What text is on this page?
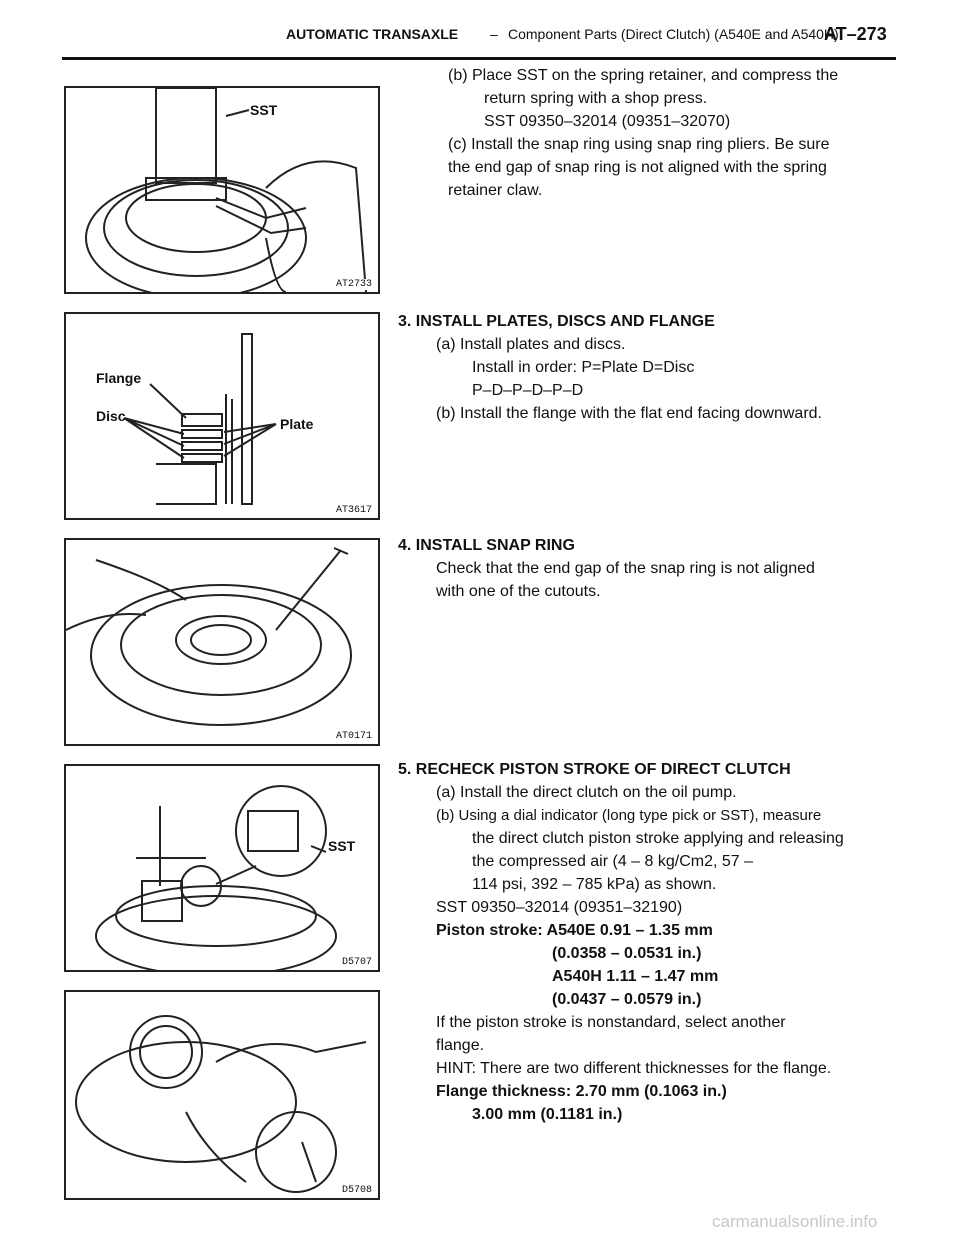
AUTOMATIC TRANSAXLE – Component Parts (Direct Clutch) (A540E and A540H)
AT–273
SST
AT2733
Flange
Disc	Plate
AT3617
AT0171
SST
D5707
D5708
(b) Place SST on the spring retainer, and compress the
return spring with a shop press.
SST 09350–32014 (09351–32070)
(c) Install the snap ring using snap ring pliers. Be sure
the end gap of snap ring is not aligned with the spring
retainer claw.
3. INSTALL PLATES, DISCS AND FLANGE
(a) Install plates and discs.
Install in order: P=Plate D=Disc
P–D–P–D–P–D
(b) Install the flange with the flat end facing downward.
4. INSTALL SNAP RING
Check that the end gap of the snap ring is not aligned
with one of the cutouts.
5. RECHECK PISTON STROKE OF DIRECT CLUTCH
(a) Install the direct clutch on the oil pump.
(b) Using a dial indicator (long type pick or SST), measure
the direct clutch piston stroke applying and releasing
the compressed air (4 – 8 kg/Cm2, 57 –
114 psi, 392 – 785 kPa) as shown.
SST 09350–32014 (09351–32190)
Piston stroke: A540E 0.91 – 1.35 mm
(0.0358 – 0.0531 in.)
A540H 1.11 – 1.47 mm
(0.0437 – 0.0579 in.)
If the piston stroke is nonstandard, select another
flange.
HINT: There are two different thicknesses for the flange.
Flange thickness: 2.70 mm (0.1063 in.)
3.00 mm (0.1181 in.)
carmanualsonline.info
